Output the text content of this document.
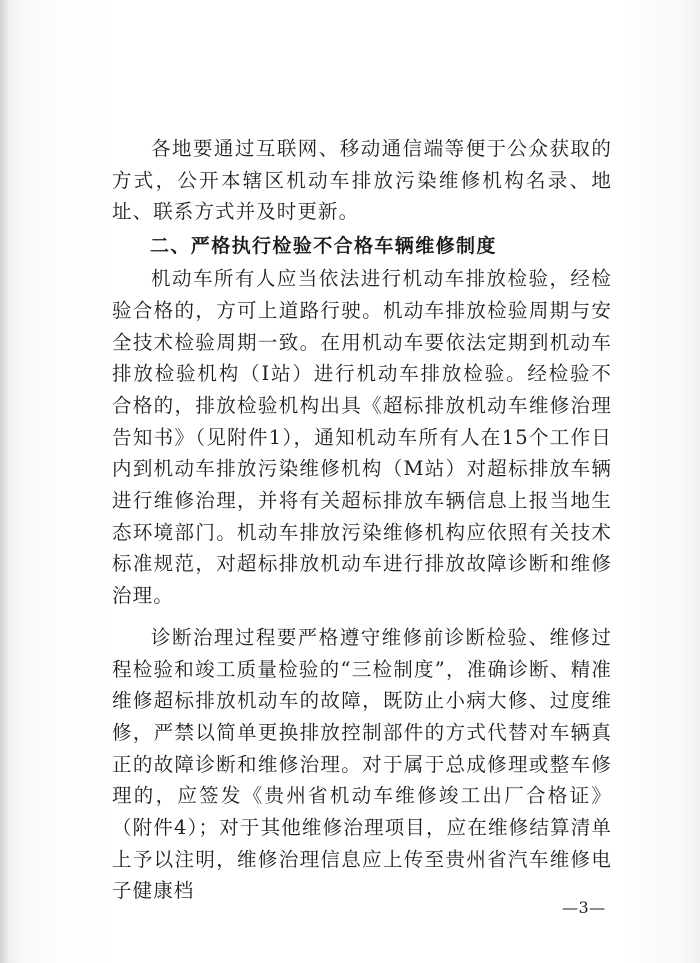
各地要通过互联网、移动通信端等便于公众获取的方式，公开本辖区机动车排放污染维修机构名录、地址、联系方式并及时更新。

二、严格执行检验不合格车辆维修制度

机动车所有人应当依法进行机动车排放检验，经检验合格的，方可上道路行驶。机动车排放检验周期与安全技术检验周期一致。在用机动车要依法定期到机动车排放检验机构（I站）进行机动车排放检验。经检验不合格的，排放检验机构出具《超标排放机动车维修治理告知书》（见附件1），通知机动车所有人在15个工作日内到机动车排放污染维修机构（M站）对超标排放车辆进行维修治理，并将有关超标排放车辆信息上报当地生态环境部门。机动车排放污染维修机构应依照有关技术标准规范，对超标排放机动车进行排放故障诊断和维修治理。

诊断治理过程要严格遵守维修前诊断检验、维修过程检验和竣工质量检验的“三检制度”，准确诊断、精准维修超标排放机动车的故障，既防止小病大修、过度维修，严禁以简单更换排放控制部件的方式代替对车辆真正的故障诊断和维修治理。对于属于总成修理或整车修理的，应签发《贵州省机动车维修竣工出厂合格证》（附件4）；对于其他维修治理项目，应在维修结算清单上予以注明，维修治理信息应上传至贵州省汽车维修电子健康档

—3—
